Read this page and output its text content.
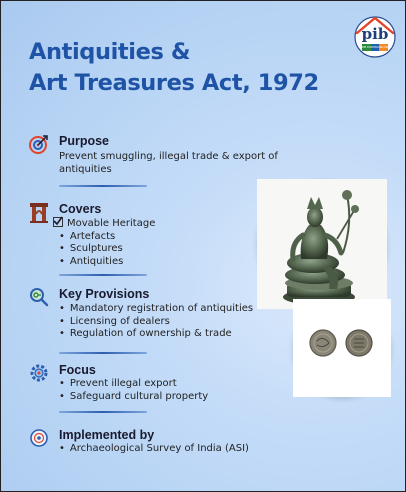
Antiquities &
Art Treasures Act, 1972
pib
PIB DASHBOARD INDIA
Purpose
Prevent smuggling, illegal trade & export of
antiquities
Covers
Movable Heritage
• Artefacts
• Sculptures
• Antiquities
Key Provisions
• Mandatory registration of antiquities
• Licensing of dealers
• Regulation of ownership & trade
Focus
• Prevent illegal export
• Safeguard cultural property
Implemented by
• Archaeological Survey of India (ASI)
